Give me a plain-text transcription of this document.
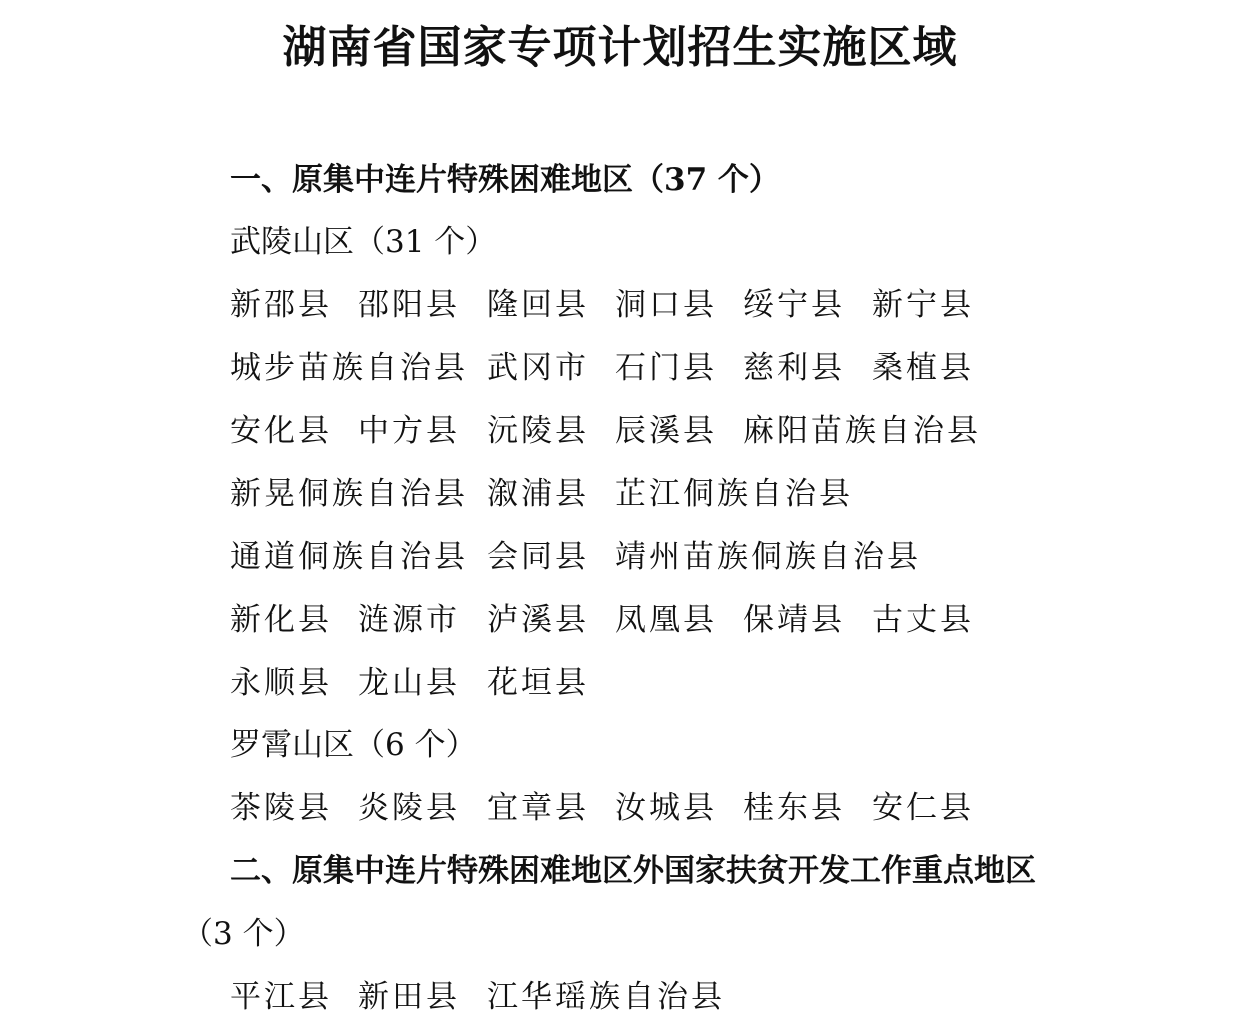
湖南省国家专项计划招生实施区域

一、原集中连片特殊困难地区（37 个）

武陵山区（31 个）

新邵县 邵阳县 隆回县 洞口县 绥宁县 新宁县
城步苗族自治县 武冈市 石门县 慈利县 桑植县
安化县 中方县 沅陵县 辰溪县 麻阳苗族自治县
新晃侗族自治县 溆浦县 芷江侗族自治县
通道侗族自治县 会同县 靖州苗族侗族自治县
新化县 涟源市 泸溪县 凤凰县 保靖县 古丈县
永顺县 龙山县 花垣县

罗霄山区（6 个）

茶陵县 炎陵县 宜章县 汝城县 桂东县 安仁县

二、原集中连片特殊困难地区外国家扶贫开发工作重点地区

（3 个）

平江县 新田县 江华瑶族自治县
